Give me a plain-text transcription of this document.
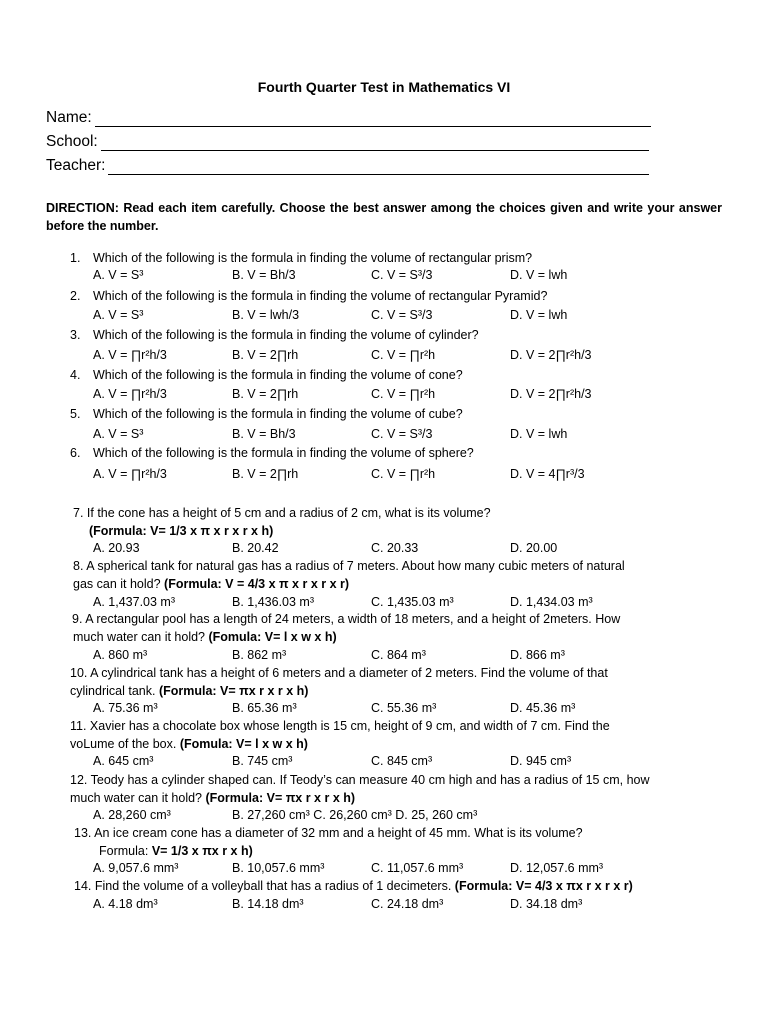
Fourth Quarter Test in Mathematics VI
Name:
School:
Teacher:
DIRECTION: Read each item carefully. Choose the best answer among the choices given and write your answer before the number.
1. Which of the following is the formula in finding the volume of rectangular prism?
A. V = S³	B. V = Bh/3	C. V = S³/3	D. V = lwh
2. Which of the following is the formula in finding the volume of rectangular Pyramid?
A. V = S³	B. V = lwh/3	C. V = S³/3	D. V = lwh
3. Which of the following is the formula in finding the volume of cylinder?
A. V = ∏r²h/3	B. V = 2∏rh	C. V = ∏r²h	D. V = 2∏r²h/3
4. Which of the following is the formula in finding the volume of cone?
A. V = ∏r²h/3	B. V = 2∏rh	C. V = ∏r²h	D. V = 2∏r²h/3
5. Which of the following is the formula in finding the volume of cube?
A. V = S³	B. V = Bh/3	C. V = S³/3	D. V = lwh
6. Which of the following is the formula in finding the volume of sphere?
A. V = ∏r²h/3	B. V = 2∏rh	C. V = ∏r²h	D. V = 4∏r³/3
7. If the cone has a height of 5 cm and a radius of 2 cm, what is its volume?
(Formula: V= 1/3 x π x r x r x h)
A. 20.93	B. 20.42	C. 20.33	D. 20.00
8. A spherical tank for natural gas has a radius of 7 meters. About how many cubic meters of natural
gas can it hold? (Formula: V = 4/3 x π x r x r x r)
A. 1,437.03 m³	B. 1,436.03 m³	C. 1,435.03 m³	D. 1,434.03 m³
9. A rectangular pool has a length of 24 meters, a width of 18 meters, and a height of 2meters. How
much water can it hold? (Fomula: V= l x w x h)
A. 860 m³	B. 862 m³	C. 864 m³	D. 866 m³
10. A cylindrical tank has a height of 6 meters and a diameter of 2 meters. Find the volume of that
cylindrical tank. (Formula: V= πx r x r x h)
A. 75.36 m³	B. 65.36 m³	C. 55.36 m³	D. 45.36 m³
11. Xavier has a chocolate box whose length is 15 cm, height of 9 cm, and width of 7 cm. Find the
voLume of the box. (Fomula: V= l x w x h)
A. 645 cm³	B. 745 cm³	C. 845 cm³	D. 945 cm³
12. Teody has a cylinder shaped can. If Teody’s can measure 40 cm high and has a radius of 15 cm, how
much water can it hold? (Formula: V= πx r x r x h)
A. 28,260 cm³	B. 27,260 cm³ C. 26,260 cm³ D. 25, 260 cm³
13. An ice cream cone has a diameter of 32 mm and a height of 45 mm. What is its volume?
Formula: V= 1/3 x πx r x h)
A. 9,057.6 mm³	B. 10,057.6 mm³	C. 11,057.6 mm³	D. 12,057.6 mm³
14. Find the volume of a volleyball that has a radius of 1 decimeters. (Formula: V= 4/3 x πx r x r x r)
A. 4.18 dm³	B. 14.18 dm³	C. 24.18 dm³	D. 34.18 dm³
